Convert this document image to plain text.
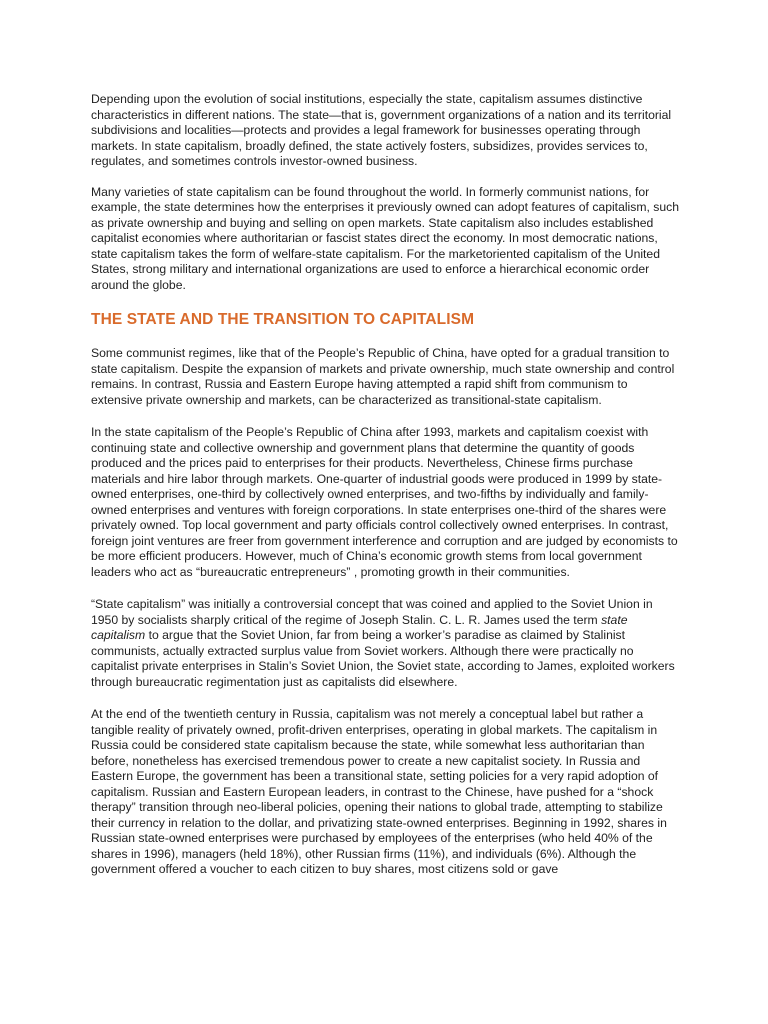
Depending upon the evolution of social institutions, especially the state, capitalism assumes distinctive characteristics in different nations. The state—that is, government organizations of a nation and its territorial subdivisions and localities—protects and provides a legal framework for businesses operating through markets. In state capitalism, broadly defined, the state actively fosters, subsidizes, provides services to, regulates, and sometimes controls investor-owned business.

Many varieties of state capitalism can be found throughout the world. In formerly communist nations, for example, the state determines how the enterprises it previously owned can adopt features of capitalism, such as private ownership and buying and selling on open markets. State capitalism also includes established capitalist economies where authoritarian or fascist states direct the economy. In most democratic nations, state capitalism takes the form of welfare-state capitalism. For the marketoriented capitalism of the United States, strong military and international organizations are used to enforce a hierarchical economic order around the globe.

THE STATE AND THE TRANSITION TO CAPITALISM

Some communist regimes, like that of the People’s Republic of China, have opted for a gradual transition to state capitalism. Despite the expansion of markets and private ownership, much state ownership and control remains. In contrast, Russia and Eastern Europe having attempted a rapid shift from communism to extensive private ownership and markets, can be characterized as transitional-state capitalism.

In the state capitalism of the People’s Republic of China after 1993, markets and capitalism coexist with continuing state and collective ownership and government plans that determine the quantity of goods produced and the prices paid to enterprises for their products. Nevertheless, Chinese firms purchase materials and hire labor through markets. One-quarter of industrial goods were produced in 1999 by state-owned enterprises, one-third by collectively owned enterprises, and two-fifths by individually and family-owned enterprises and ventures with foreign corporations. In state enterprises one-third of the shares were privately owned. Top local government and party officials control collectively owned enterprises. In contrast, foreign joint ventures are freer from government interference and corruption and are judged by economists to be more efficient producers. However, much of China’s economic growth stems from local government leaders who act as “bureaucratic entrepreneurs” , promoting growth in their communities.

“State capitalism” was initially a controversial concept that was coined and applied to the Soviet Union in 1950 by socialists sharply critical of the regime of Joseph Stalin. C. L. R. James used the term state capitalism to argue that the Soviet Union, far from being a worker’s paradise as claimed by Stalinist communists, actually extracted surplus value from Soviet workers. Although there were practically no capitalist private enterprises in Stalin’s Soviet Union, the Soviet state, according to James, exploited workers through bureaucratic regimentation just as capitalists did elsewhere.

At the end of the twentieth century in Russia, capitalism was not merely a conceptual label but rather a tangible reality of privately owned, profit-driven enterprises, operating in global markets. The capitalism in Russia could be considered state capitalism because the state, while somewhat less authoritarian than before, nonetheless has exercised tremendous power to create a new capitalist society. In Russia and Eastern Europe, the government has been a transitional state, setting policies for a very rapid adoption of capitalism. Russian and Eastern European leaders, in contrast to the Chinese, have pushed for a “shock therapy” transition through neo-liberal policies, opening their nations to global trade, attempting to stabilize their currency in relation to the dollar, and privatizing state-owned enterprises. Beginning in 1992, shares in Russian state-owned enterprises were purchased by employees of the enterprises (who held 40% of the shares in 1996), managers (held 18%), other Russian firms (11%), and individuals (6%). Although the government offered a voucher to each citizen to buy shares, most citizens sold or gave
